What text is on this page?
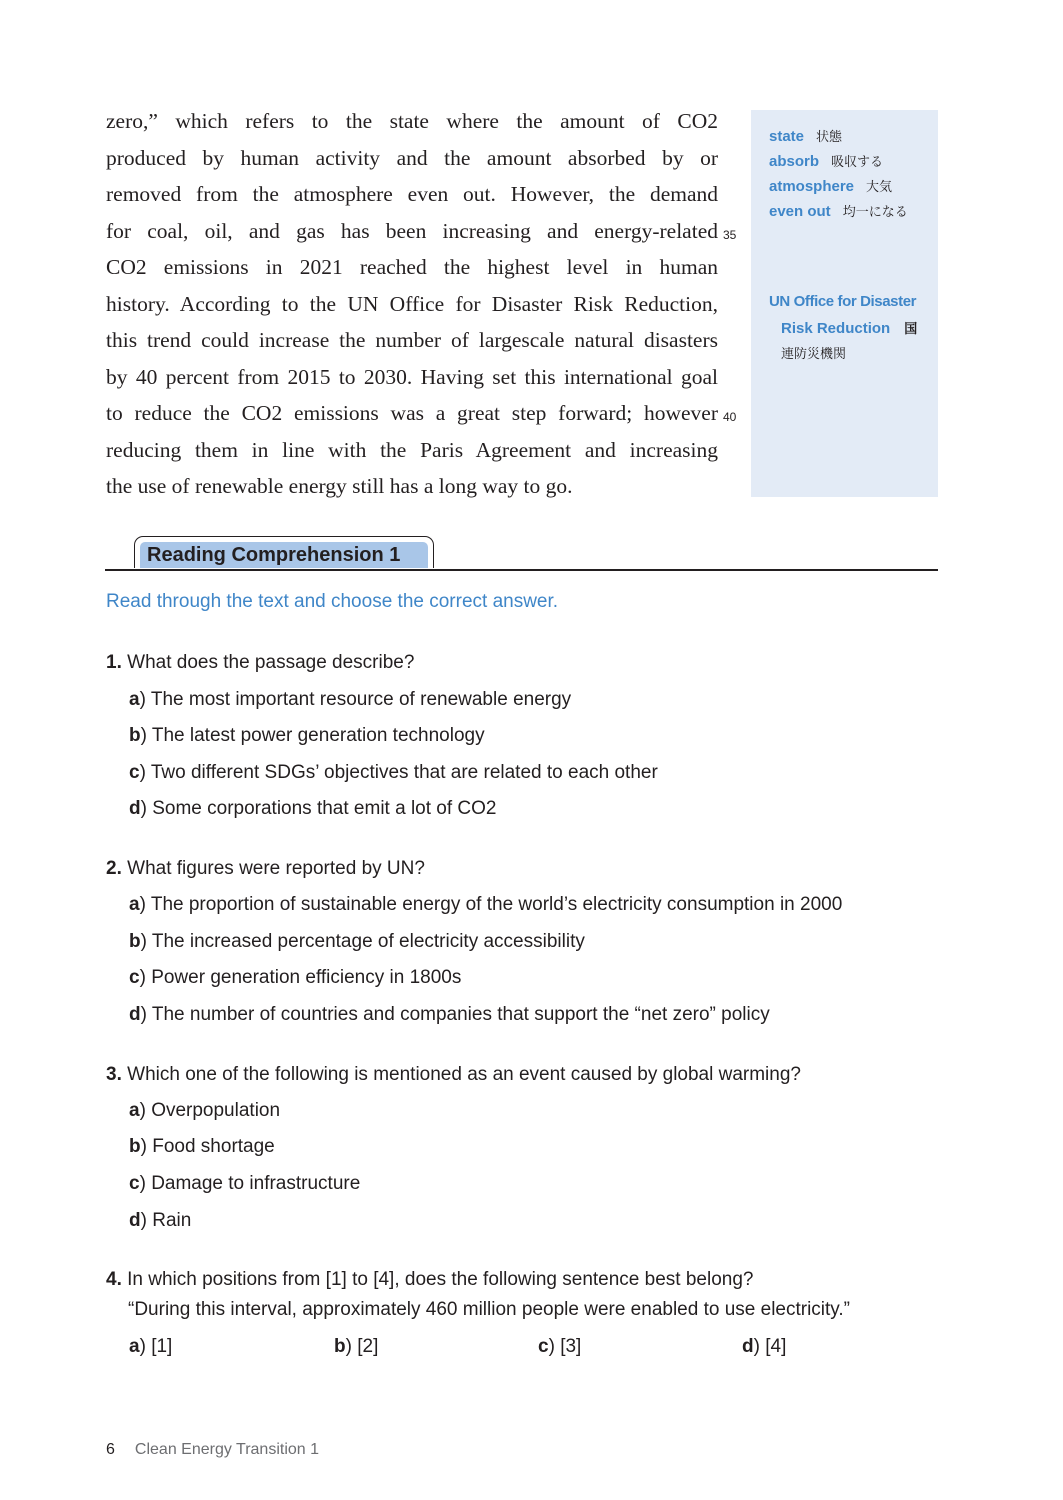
zero,” which refers to the state where the amount of CO2
produced by human activity and the amount absorbed by or
removed from the atmosphere even out. However, the demand
for coal, oil, and gas has been increasing and energy-related 35
CO2 emissions in 2021 reached the highest level in human
history. According to the UN Office for Disaster Risk Reduction,
this trend could increase the number of largescale natural disasters
by 40 percent from 2015 to 2030. Having set this international goal
to reduce the CO2 emissions was a great step forward; however 40
reducing them in line with the Paris Agreement and increasing
the use of renewable energy still has a long way to go.
state 状態
absorb 吸収する
atmosphere 大気
even out 均一になる
UN Office for Disaster
Risk Reduction 国
連防災機関
Reading Comprehension 1
Read through the text and choose the correct answer.
1. What does the passage describe?
a) The most important resource of renewable energy
b) The latest power generation technology
c) Two different SDGs’ objectives that are related to each other
d) Some corporations that emit a lot of CO2
2. What figures were reported by UN?
a) The proportion of sustainable energy of the world’s electricity consumption in 2000
b) The increased percentage of electricity accessibility
c) Power generation efficiency in 1800s
d) The number of countries and companies that support the “net zero” policy
3. Which one of the following is mentioned as an event caused by global warming?
a) Overpopulation
b) Food shortage
c) Damage to infrastructure
d) Rain
4. In which positions from [1] to [4], does the following sentence best belong?
“During this interval, approximately 460 million people were enabled to use electricity.”
a) [1]	b) [2]	c) [3]	d) [4]
6 Clean Energy Transition 1
